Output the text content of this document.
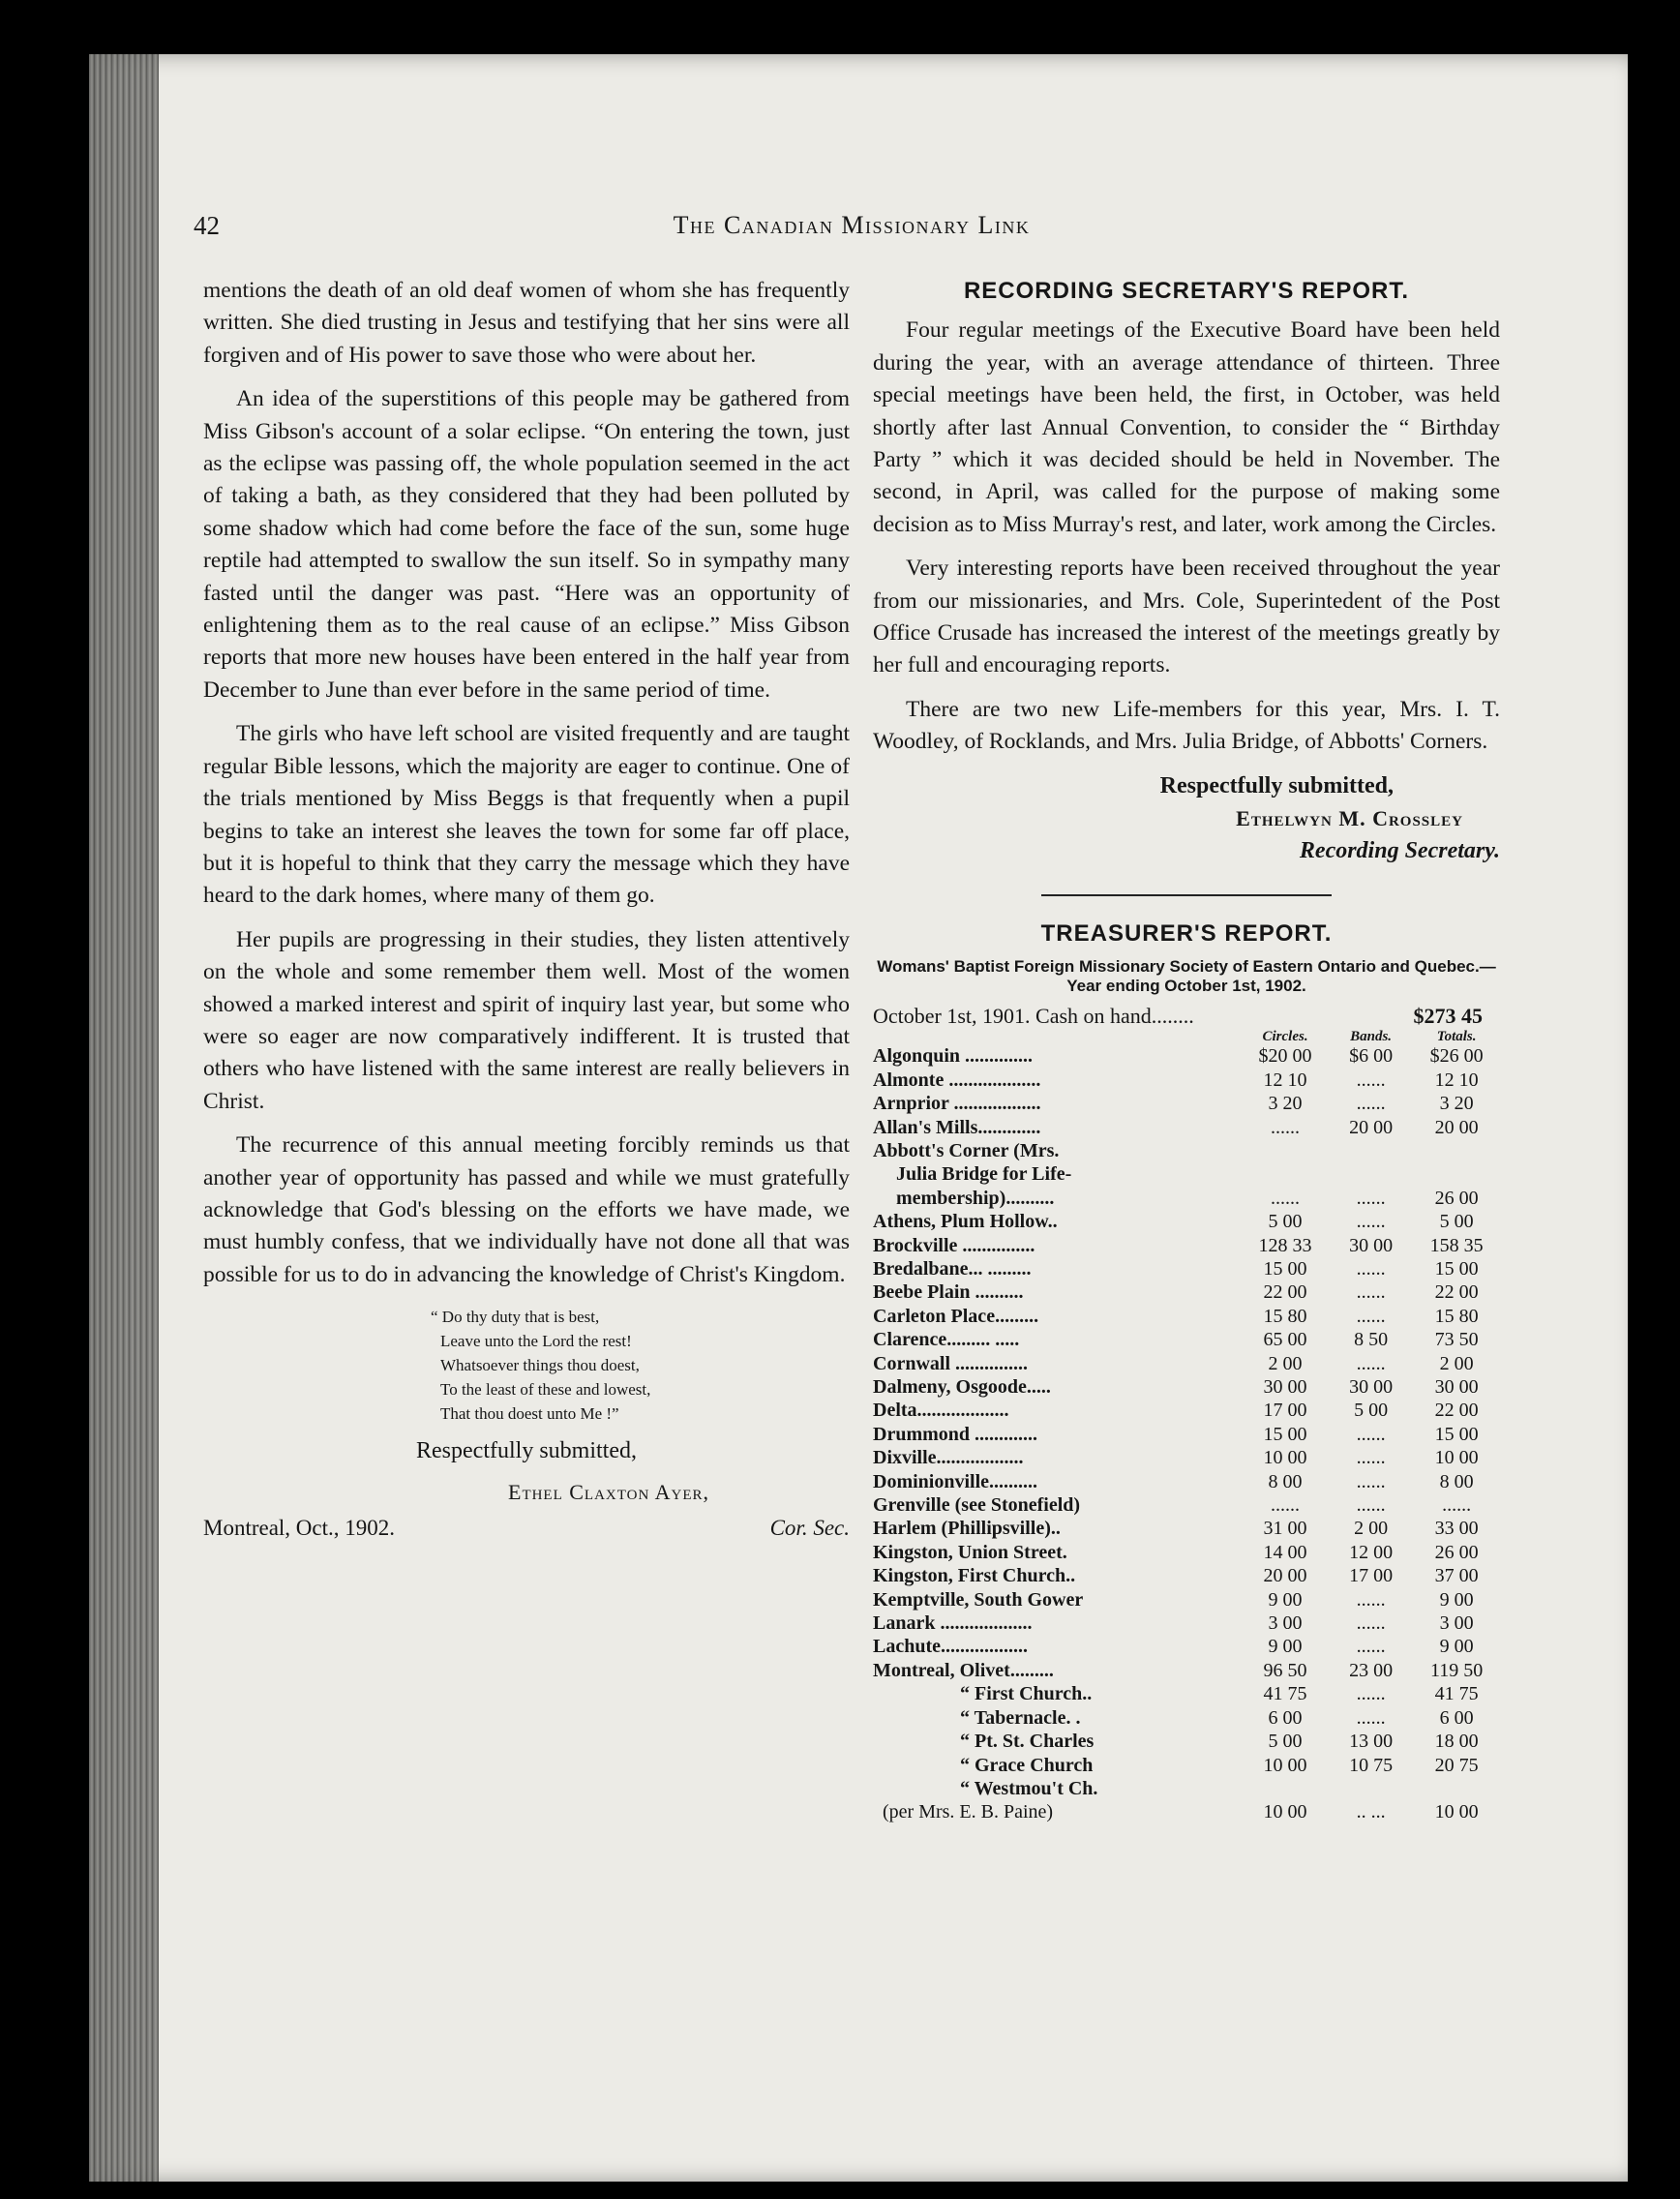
42	The Canadian Missionary Link

mentions the death of an old deaf women of whom she has frequently written. She died trusting in Jesus and testifying that her sins were all forgiven and of His power to save those who were about her.

An idea of the superstitions of this people may be gathered from Miss Gibson's account of a solar eclipse. “On entering the town, just as the eclipse was passing off, the whole population seemed in the act of taking a bath, as they considered that they had been polluted by some shadow which had come before the face of the sun, some huge reptile had attempted to swallow the sun itself. So in sympathy many fasted until the danger was past. “Here was an opportunity of enlightening them as to the real cause of an eclipse.” Miss Gibson reports that more new houses have been entered in the half year from December to June than ever before in the same period of time.

The girls who have left school are visited frequently and are taught regular Bible lessons, which the majority are eager to continue. One of the trials mentioned by Miss Beggs is that frequently when a pupil begins to take an interest she leaves the town for some far off place, but it is hopeful to think that they carry the message which they have heard to the dark homes, where many of them go.

Her pupils are progressing in their studies, they listen attentively on the whole and some remember them well. Most of the women showed a marked interest and spirit of inquiry last year, but some who were so eager are now comparatively indifferent. It is trusted that others who have listened with the same interest are really believers in Christ.

The recurrence of this annual meeting forcibly reminds us that another year of opportunity has passed and while we must gratefully acknowledge that God's blessing on the efforts we have made, we must humbly confess, that we individually have not done all that was possible for us to do in advancing the knowledge of Christ's Kingdom.

“ Do thy duty that is best,
Leave unto the Lord the rest!
Whatsoever things thou doest,
To the least of these and lowest,
That thou doest unto Me !”
Respectfully submitted,
Ethel Claxton Ayer,
Montreal, Oct., 1902.	Cor. Sec.
RECORDING SECRETARY'S REPORT.

Four regular meetings of the Executive Board have been held during the year, with an average attendance of thirteen. Three special meetings have been held, the first, in October, was held shortly after last Annual Convention, to consider the “ Birthday Party ” which it was decided should be held in November. The second, in April, was called for the purpose of making some decision as to Miss Murray's rest, and later, work among the Circles.

Very interesting reports have been received throughout the year from our missionaries, and Mrs. Cole, Superintedent of the Post Office Crusade has increased the interest of the meetings greatly by her full and encouraging reports.

There are two new Life-members for this year, Mrs. I. T. Woodley, of Rocklands, and Mrs. Julia Bridge, of Abbotts' Corners.

Respectfully submitted,
Ethelwyn M. Crossley
Recording Secretary.
TREASURER'S REPORT.
Womans' Baptist Foreign Missionary Society of Eastern Ontario and Quebec.—Year ending October 1st, 1902.
October 1st, 1901. Cash on hand........	$273 45
	Circles.	Bands.	Totals.
Algonquin ..............	$20 00	$6 00	$26 00
Almonte ...................	12 10	......	12 10
Arnprior ..................	3 20	......	3 20
Allan's Mills.............	......	20 00	20 00
Abbott's Corner (Mrs.			
Julia Bridge for Life-			
membership)..........	......	......	26 00
Athens, Plum Hollow..	5 00	......	5 00
Brockville ...............	128 33	30 00	158 35
Bredalbane... .........	15 00	......	15 00
Beebe Plain ..........	22 00	......	22 00
Carleton Place.........	15 80	......	15 80
Clarence......... .....	65 00	8 50	73 50
Cornwall ...............	2 00	......	2 00
Dalmeny, Osgoode.....	30 00	30 00	30 00
Delta...................	17 00	5 00	22 00
Drummond .............	15 00	......	15 00
Dixville..................	10 00	......	10 00
Dominionville..........	8 00	......	8 00
Grenville (see Stonefield)	......	......	......
Harlem (Phillipsville)..	31 00	2 00	33 00
Kingston, Union Street.	14 00	12 00	26 00
Kingston, First Church..	20 00	17 00	37 00
Kemptville, South Gower	9 00	......	9 00
Lanark ...................	3 00	......	3 00
Lachute..................	9 00	......	9 00
Montreal, Olivet.........	96 50	23 00	119 50
“ First Church..	41 75	......	41 75
“ Tabernacle. .	6 00	......	6 00
“ Pt. St. Charles	5 00	13 00	18 00
“ Grace Church	10 00	10 75	20 75
“ Westmou't Ch.			
(per Mrs. E. B. Paine)	10 00	.. ...	10 00
